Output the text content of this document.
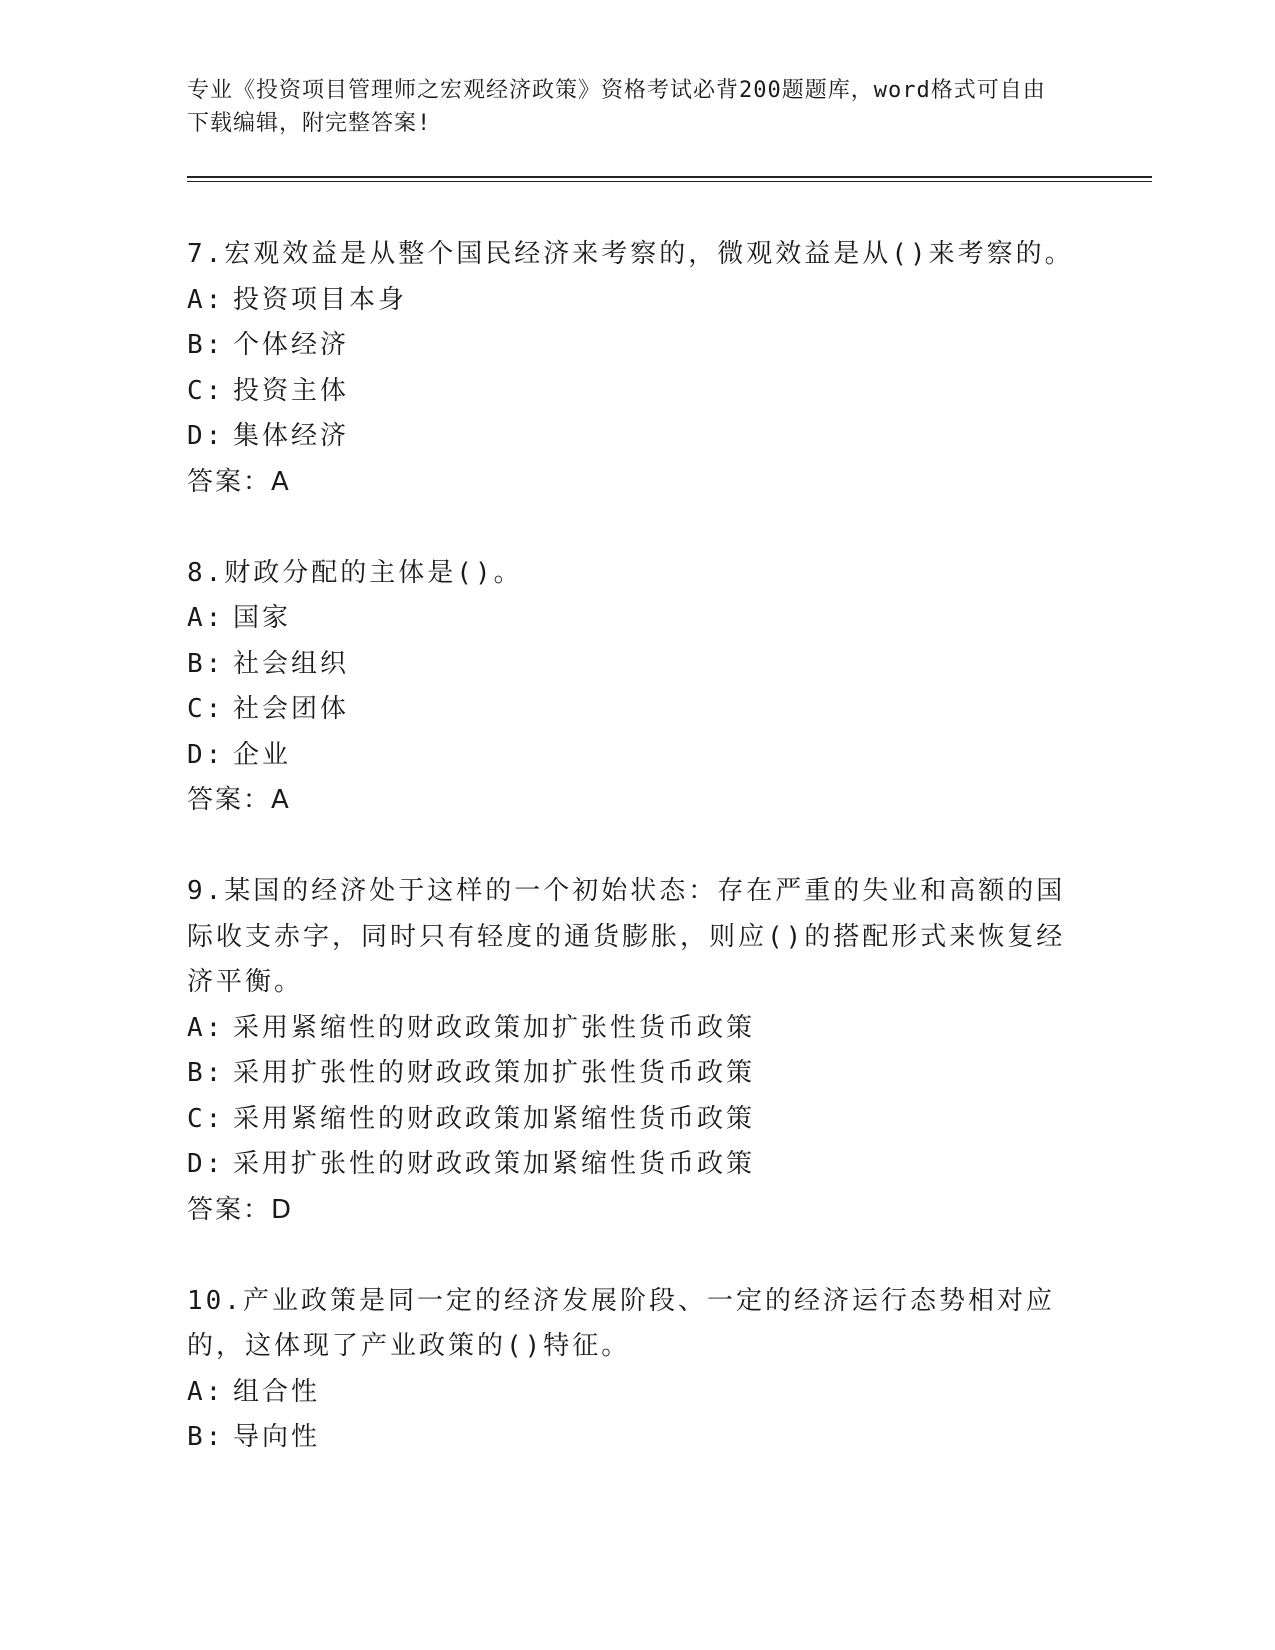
专业《投资项目管理师之宏观经济政策》资格考试必背200题题库，word格式可自由下载编辑，附完整答案!
7.宏观效益是从整个国民经济来考察的，微观效益是从()来考察的。
A: 投资项目本身
B: 个体经济
C: 投资主体
D: 集体经济
答案：A
8.财政分配的主体是()。
A: 国家
B: 社会组织
C: 社会团体
D: 企业
答案：A
9.某国的经济处于这样的一个初始状态：存在严重的失业和高额的国际收支赤字，同时只有轻度的通货膨胀，则应()的搭配形式来恢复经济平衡。
A: 采用紧缩性的财政政策加扩张性货币政策
B: 采用扩张性的财政政策加扩张性货币政策
C: 采用紧缩性的财政政策加紧缩性货币政策
D: 采用扩张性的财政政策加紧缩性货币政策
答案：D
10.产业政策是同一定的经济发展阶段、一定的经济运行态势相对应的，这体现了产业政策的()特征。
A: 组合性
B: 导向性
